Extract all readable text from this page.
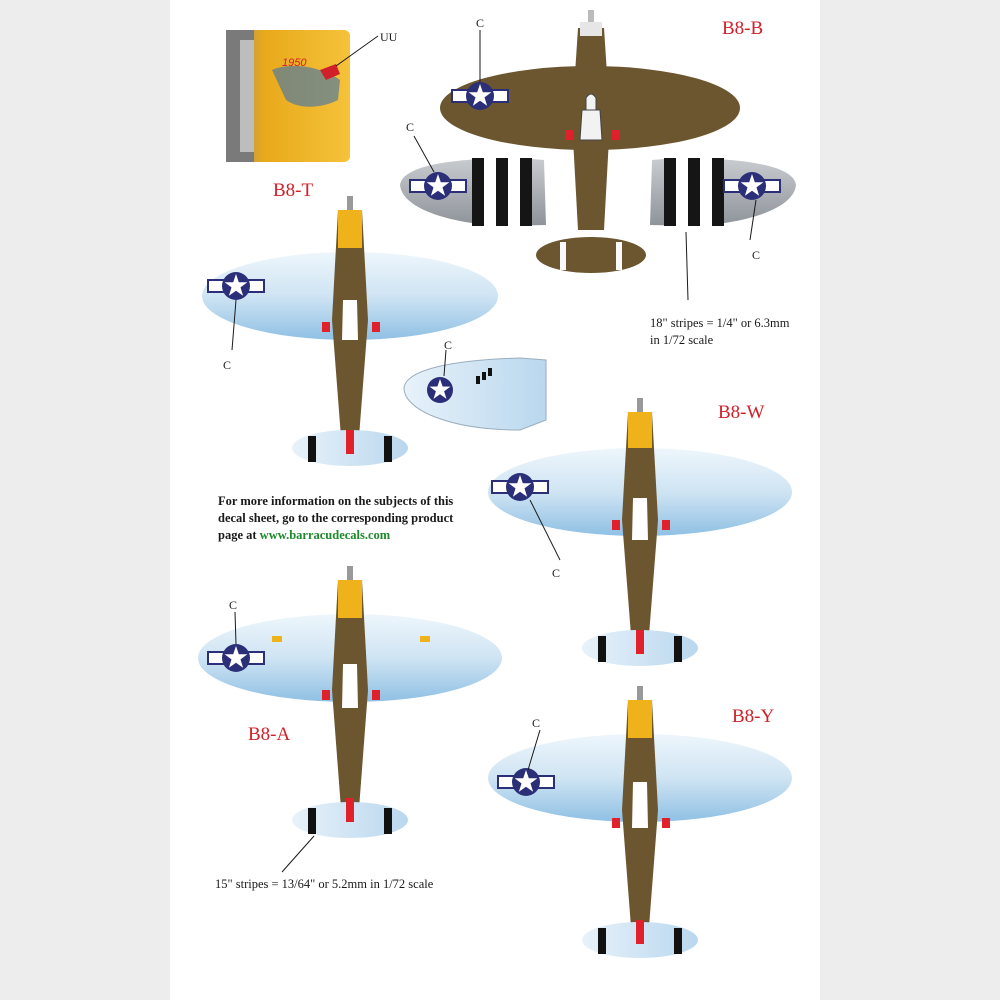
1950
B8-B
B8-T
B8-W
B8-A
B8-Y
UU
C
C
C
C
C
C
C
C
18" stripes = 1/4" or 6.3mm
in 1/72 scale
15" stripes = 13/64" or 5.2mm in 1/72 scale
For more information on the subjects of this decal sheet, go to the corresponding product page at www.barracudecals.com
